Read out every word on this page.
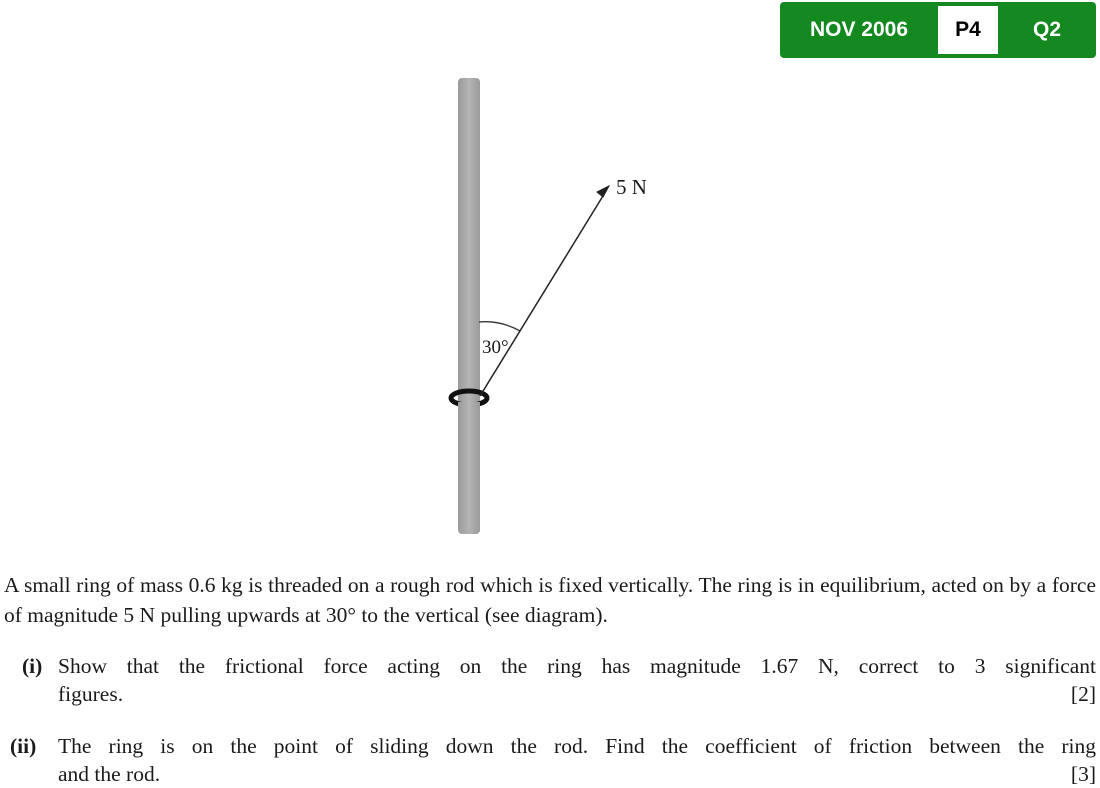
NOV 2006	P4	Q2
5 N
30°

A small ring of mass 0.6 kg is threaded on a rough rod which is fixed vertically. The ring is in equilibrium, acted on by a force of magnitude 5 N pulling upwards at 30° to the vertical (see diagram).

(i) Show that the frictional force acting on the ring has magnitude 1.67 N, correct to 3 significant
figures.	[2]
(ii) The ring is on the point of sliding down the rod. Find the coefficient of friction between the ring
and the rod.	[3]
